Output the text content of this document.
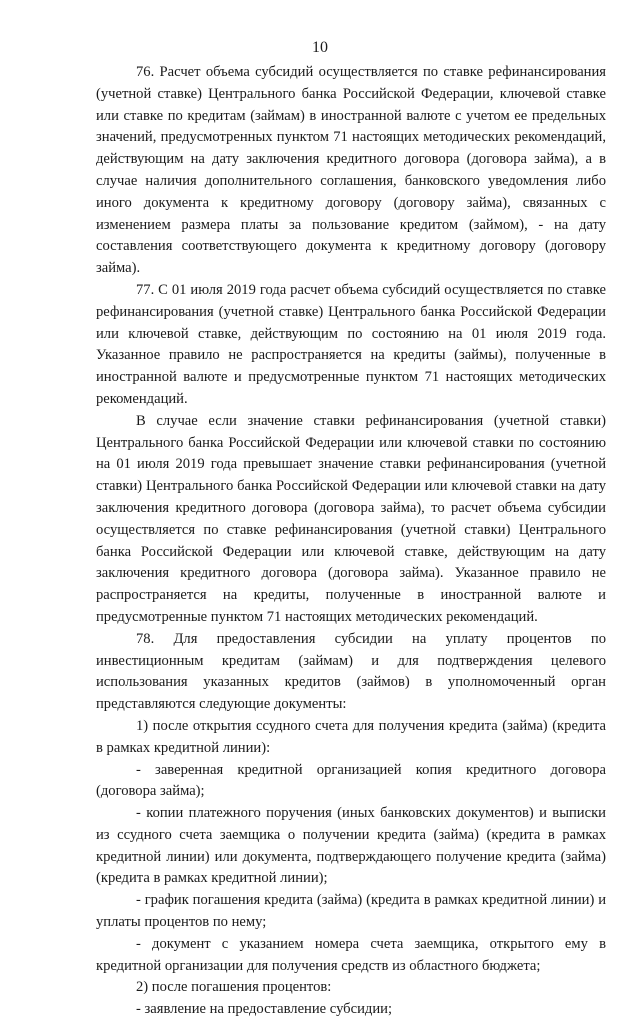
10

76. Расчет объема субсидий осуществляется по ставке рефинансирования (учетной ставке) Центрального банка Российской Федерации, ключевой ставке или ставке по кредитам (займам) в иностранной валюте с учетом ее предельных значений, предусмотренных пунктом 71 настоящих методических рекомендаций, действующим на дату заключения кредитного договора (договора займа), а в случае наличия дополнительного соглашения, банковского уведомления либо иного документа к кредитному договору (договору займа), связанных с изменением размера платы за пользование кредитом (займом), - на дату составления соответствующего документа к кредитному договору (договору займа).

77. С 01 июля 2019 года расчет объема субсидий осуществляется по ставке рефинансирования (учетной ставке) Центрального банка Российской Федерации или ключевой ставке, действующим по состоянию на 01 июля 2019 года. Указанное правило не распространяется на кредиты (займы), полученные в иностранной валюте и предусмотренные пунктом 71 настоящих методических рекомендаций.

В случае если значение ставки рефинансирования (учетной ставки) Центрального банка Российской Федерации или ключевой ставки по состоянию на 01 июля 2019 года превышает значение ставки рефинансирования (учетной ставки) Центрального банка Российской Федерации или ключевой ставки на дату заключения кредитного договора (договора займа), то расчет объема субсидии осуществляется по ставке рефинансирования (учетной ставки) Центрального банка Российской Федерации или ключевой ставке, действующим на дату заключения кредитного договора (договора займа). Указанное правило не распространяется на кредиты, полученные в иностранной валюте и предусмотренные пунктом 71 настоящих методических рекомендаций.

78. Для предоставления субсидии на уплату процентов по инвестиционным кредитам (займам) и для подтверждения целевого использования указанных кредитов (займов) в уполномоченный орган представляются следующие документы:

1) после открытия ссудного счета для получения кредита (займа) (кредита в рамках кредитной линии):

- заверенная кредитной организацией копия кредитного договора (договора займа);

- копии платежного поручения (иных банковских документов) и выписки из ссудного счета заемщика о получении кредита (займа) (кредита в рамках кредитной линии) или документа, подтверждающего получение кредита (займа) (кредита в рамках кредитной линии);

- график погашения кредита (займа) (кредита в рамках кредитной линии) и уплаты процентов по нему;

- документ с указанием номера счета заемщика, открытого ему в кредитной организации для получения средств из областного бюджета;

2) после погашения процентов:

- заявление на предоставление субсидии;
